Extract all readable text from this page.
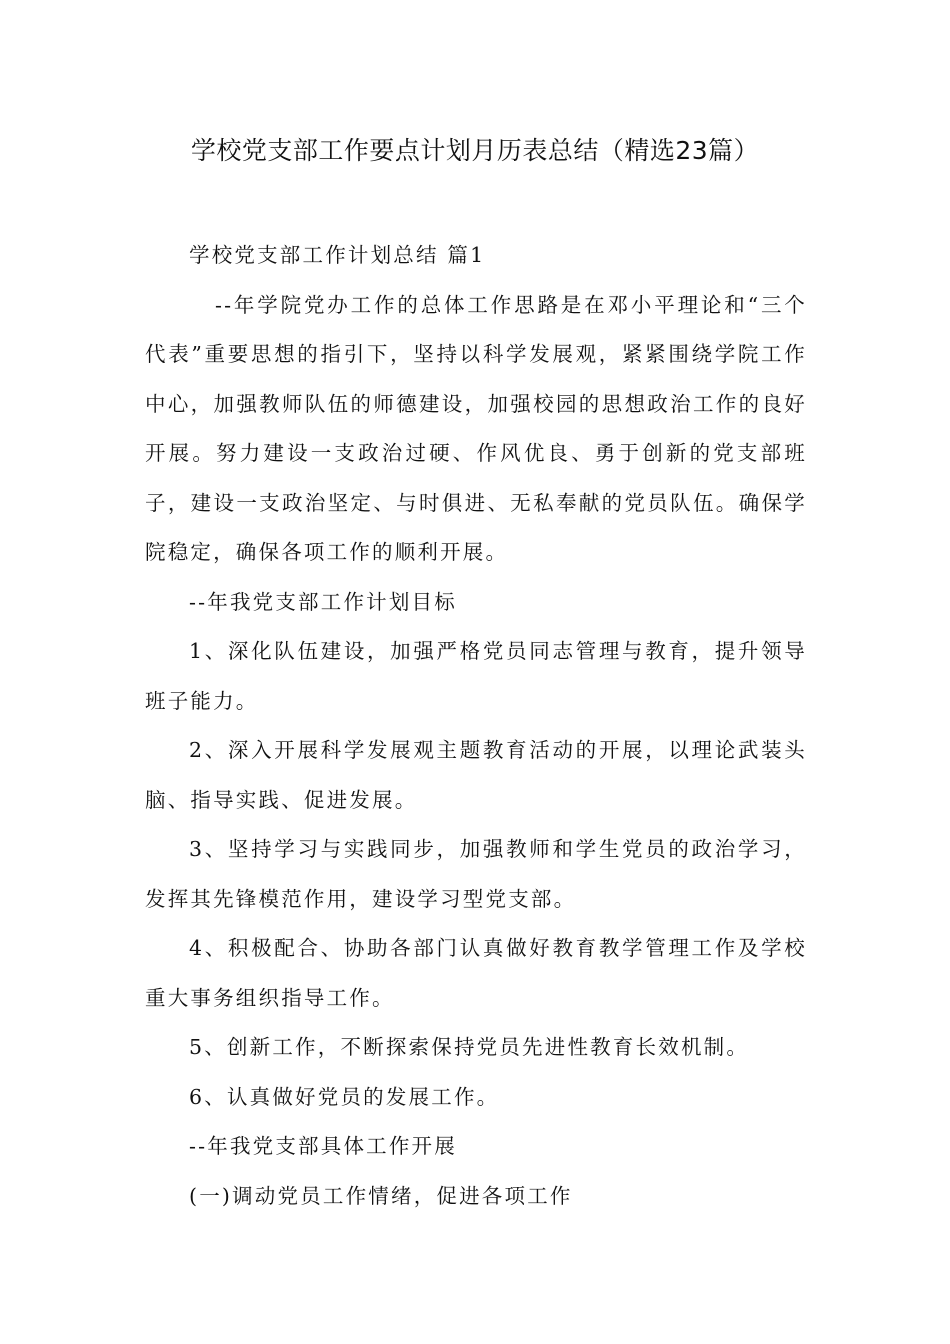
学校党支部工作要点计划月历表总结（精选23篇）

学校党支部工作计划总结 篇1

--年学院党办工作的总体工作思路是在邓小平理论和“三个代表”重要思想的指引下，坚持以科学发展观，紧紧围绕学院工作中心，加强教师队伍的师德建设，加强校园的思想政治工作的良好开展。努力建设一支政治过硬、作风优良、勇于创新的党支部班子，建设一支政治坚定、与时俱进、无私奉献的党员队伍。确保学院稳定，确保各项工作的顺利开展。

--年我党支部工作计划目标

1、深化队伍建设，加强严格党员同志管理与教育，提升领导班子能力。

2、深入开展科学发展观主题教育活动的开展，以理论武装头脑、指导实践、促进发展。

3、坚持学习与实践同步，加强教师和学生党员的政治学习，发挥其先锋模范作用，建设学习型党支部。

4、积极配合、协助各部门认真做好教育教学管理工作及学校重大事务组织指导工作。

5、创新工作，不断探索保持党员先进性教育长效机制。

6、认真做好党员的发展工作。

--年我党支部具体工作开展

(一)调动党员工作情绪，促进各项工作
